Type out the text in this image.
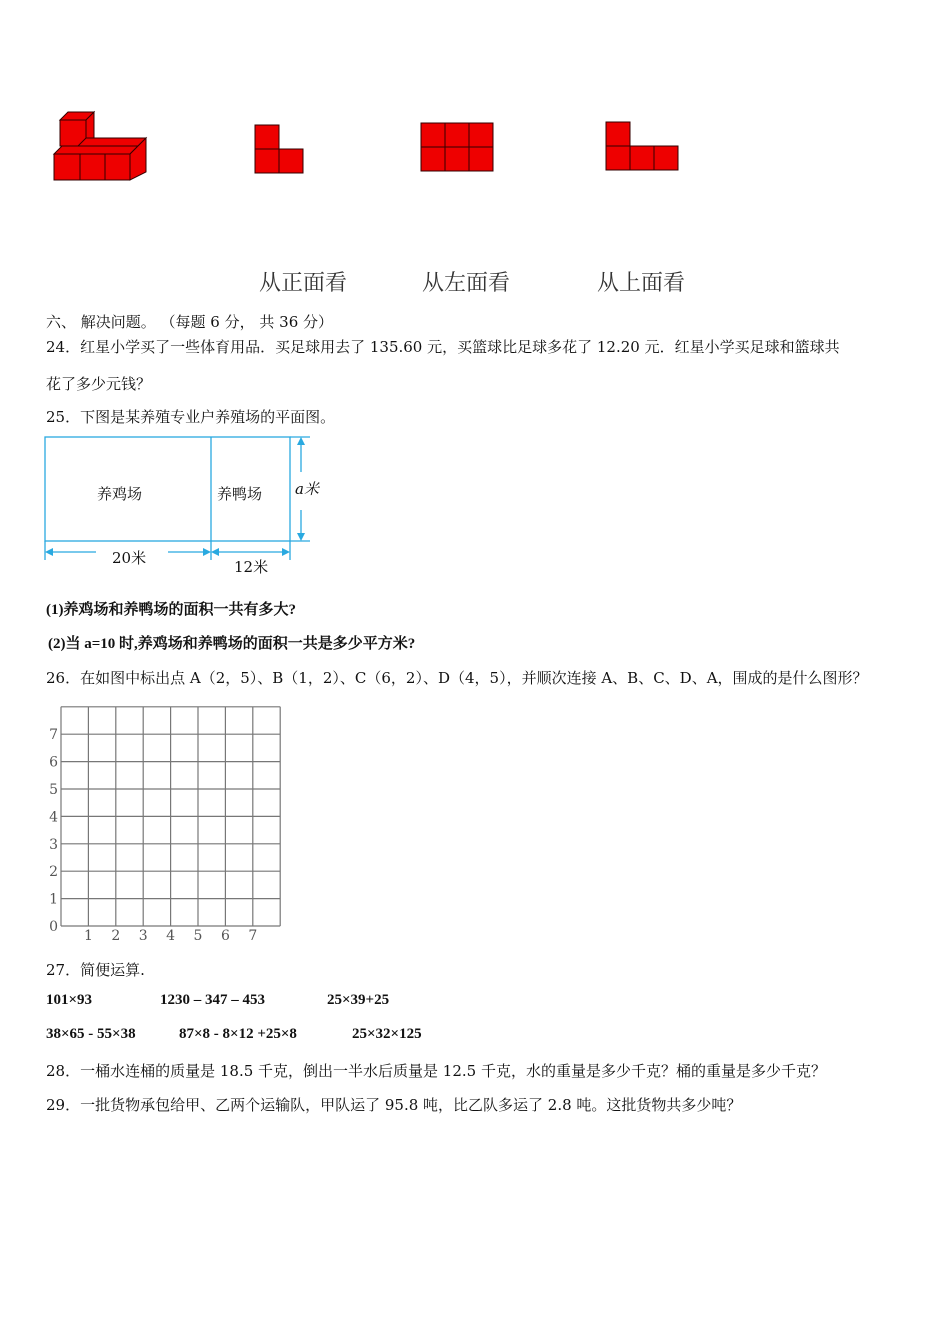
从正面看	从左面看	从上面看
六、 解决问题。 （每题 6 分， 共 36 分）
24．红星小学买了一些体育用品．买足球用去了 135.60 元，买篮球比足球多花了 12.20 元．红星小学买足球和篮球共
花了多少元钱？
25．下图是某养殖专业户养殖场的平面图。
养鸡场	养鸭场
20米	12米
a米
(1)养鸡场和养鸭场的面积一共有多大?
(2)当 a=10 时,养鸡场和养鸭场的面积一共是多少平方米?
26．在如图中标出点 A（2，5）、B（1，2）、C（6，2）、D（4，5），并顺次连接 A、B、C、D、A，围成的是什么图形？
1 2 3 4 5 6 7
0
1
2
3
4
5
6
7
27．简便运算.
101×93	1230 – 347 – 453	25×39+25
38×65 - 55×38	87×8 - 8×12 +25×8	25×32×125
28．一桶水连桶的质量是 18.5 千克，倒出一半水后质量是 12.5 千克，水的重量是多少千克？桶的重量是多少千克？
29．一批货物承包给甲、乙两个运输队，甲队运了 95.8 吨，比乙队多运了 2.8 吨。这批货物共多少吨？
